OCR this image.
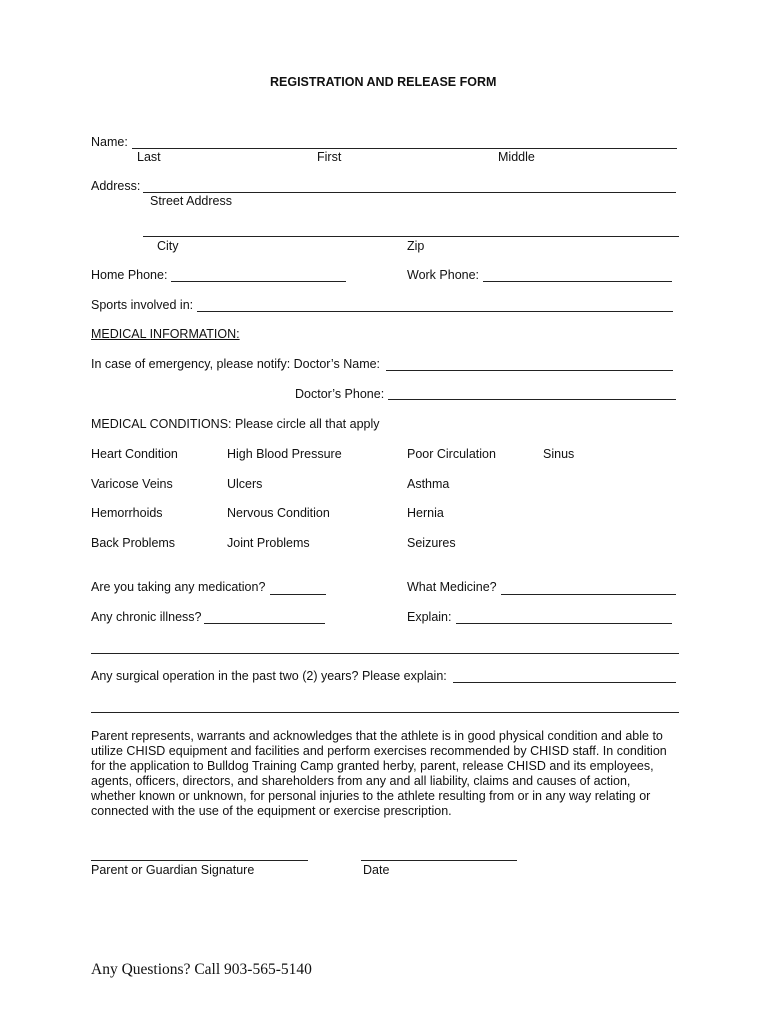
REGISTRATION AND RELEASE FORM
Name:
Last	First	Middle
Address:
Street Address
City	Zip
Home Phone:	Work Phone:
Sports involved in:
MEDICAL INFORMATION:
In case of emergency, please notify: Doctor’s Name:
Doctor’s Phone:
MEDICAL CONDITIONS: Please circle all that apply
Heart Condition	High Blood Pressure	Poor Circulation	Sinus
Varicose Veins	Ulcers	Asthma
Hemorrhoids	Nervous Condition	Hernia
Back Problems	Joint Problems	Seizures
Are you taking any medication?	What Medicine?
Any chronic illness?	Explain:
Any surgical operation in the past two (2) years? Please explain:
Parent represents, warrants and acknowledges that the athlete is in good physical condition and able to
utilize CHISD equipment and facilities and perform exercises recommended by CHISD staff. In condition
for the application to Bulldog Training Camp granted herby, parent, release CHISD and its employees,
agents, officers, directors, and shareholders from any and all liability, claims and causes of action,
whether known or unknown, for personal injuries to the athlete resulting from or in any way relating or
connected with the use of the equipment or exercise prescription.
Parent or Guardian Signature	Date
Any Questions? Call 903-565-5140
